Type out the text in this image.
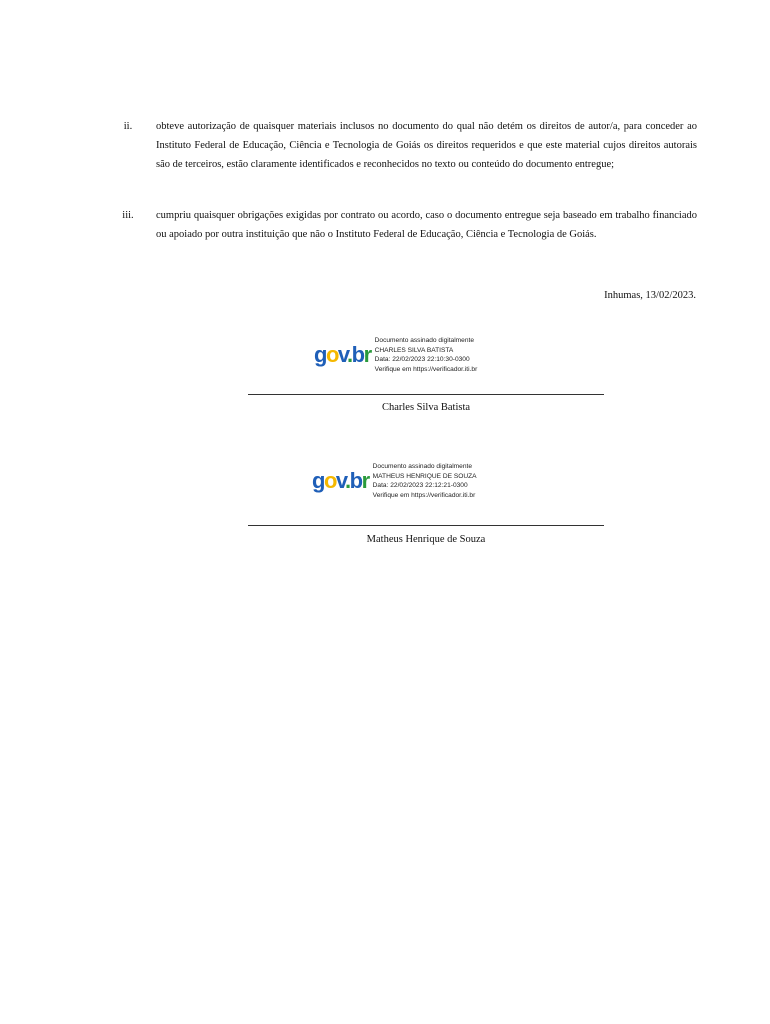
ii.	obteve autorização de quaisquer materiais inclusos no documento do qual não detém os direitos de autor/a, para conceder ao Instituto Federal de Educação, Ciência e Tecnologia de Goiás os direitos requeridos e que este material cujos direitos autorais são de terceiros, estão claramente identificados e reconhecidos no texto ou conteúdo do documento entregue;

iii.	cumpriu quaisquer obrigações exigidas por contrato ou acordo, caso o documento entregue seja baseado em trabalho financiado ou apoiado por outra instituição que não o Instituto Federal de Educação, Ciência e Tecnologia de Goiás.

Inhumas, 13/02/2023.
gov.br
Documento assinado digitalmente
CHARLES SILVA BATISTA
Data: 22/02/2023 22:10:30-0300
Verifique em https://verificador.iti.br
Charles Silva Batista
gov.br
Documento assinado digitalmente
MATHEUS HENRIQUE DE SOUZA
Data: 22/02/2023 22:12:21-0300
Verifique em https://verificador.iti.br
Matheus Henrique de Souza
